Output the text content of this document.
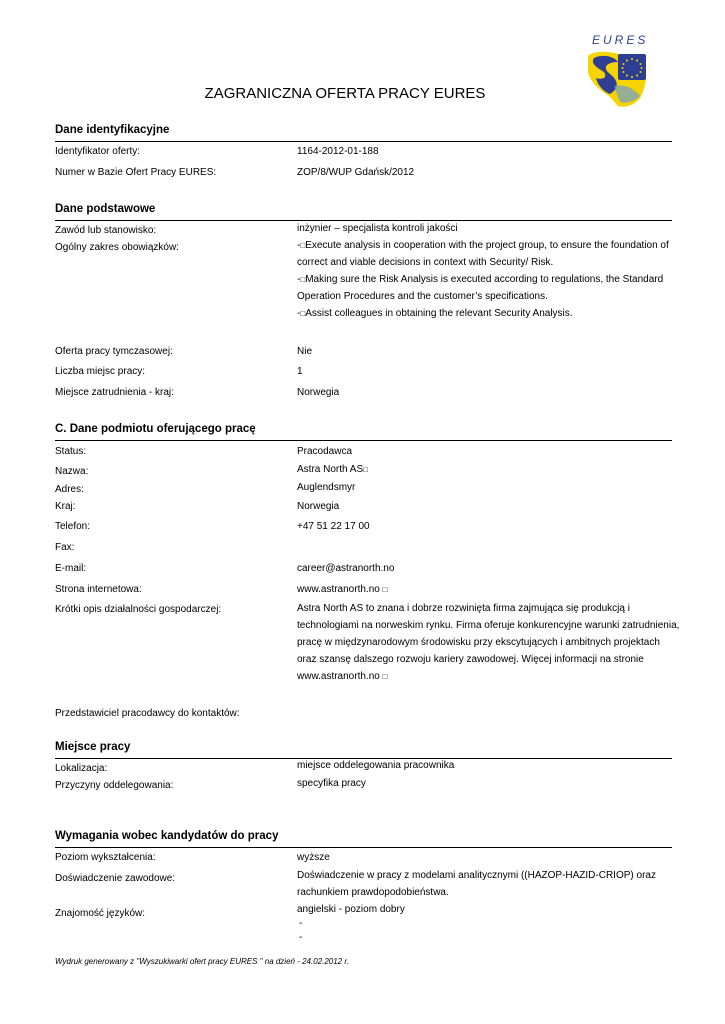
ZAGRANICZNA OFERTA PRACY EURES
EURES
Dane identyfikacyjne
Identyfikator oferty:	1164-2012-01-188
Numer w Bazie Ofert Pracy EURES:	ZOP/8/WUP Gdańsk/2012
Dane podstawowe
Zawód lub stanowisko:	inżynier – specjalista kontroli jakości
Ogólny zakres obowiązków:	- □ Execute analysis in cooperation with the project group, to ensure the foundation of
correct and viable decisions in context with Security/ Risk.
- □ Making sure the Risk Analysis is executed according to regulations, the Standard
Operation Procedures and the customer’s specifications.
- □ Assist colleagues in obtaining the relevant Security Analysis.
Oferta pracy tymczasowej:	Nie
Liczba miejsc pracy:	1
Miejsce zatrudnienia - kraj:	Norwegia
C. Dane podmiotu oferującego pracę
Status:	Pracodawca
Nazwa:	Astra North AS□
Adres:	Auglendsmyr
Kraj:	Norwegia
Telefon:	+47 51 22 17 00
Fax:
E-mail:	career@astranorth.no
Strona internetowa:	www.astranorth.no □
Krótki opis działalności gospodarczej:	Astra North AS to znana i dobrze rozwinięta firma zajmująca się produkcją i
technologiami na norweskim rynku. Firma oferuje konkurencyjne warunki zatrudnienia,
pracę w międzynarodowym środowisku przy ekscytujących i ambitnych projektach
oraz szansę dalszego rozwoju kariery zawodowej. Więcej informacji na stronie
www.astranorth.no □
Przedstawiciel pracodawcy do kontaktów:
Miejsce pracy
Lokalizacja:	miejsce oddelegowania pracownika
Przyczyny oddelegowania:	specyfika pracy
Wymagania wobec kandydatów do pracy
Poziom wykształcenia:	wyższe
Doświadczenie zawodowe:	Doświadczenie w pracy z modelami analitycznymi ((HAZOP-HAZID-CRIOP) oraz
rachunkiem prawdopodobieństwa.
Znajomość języków:	angielski - poziom dobry
-
-
Wydruk generowany z "Wyszukiwarki ofert pracy EURES " na dzień - 24.02.2012 r.
